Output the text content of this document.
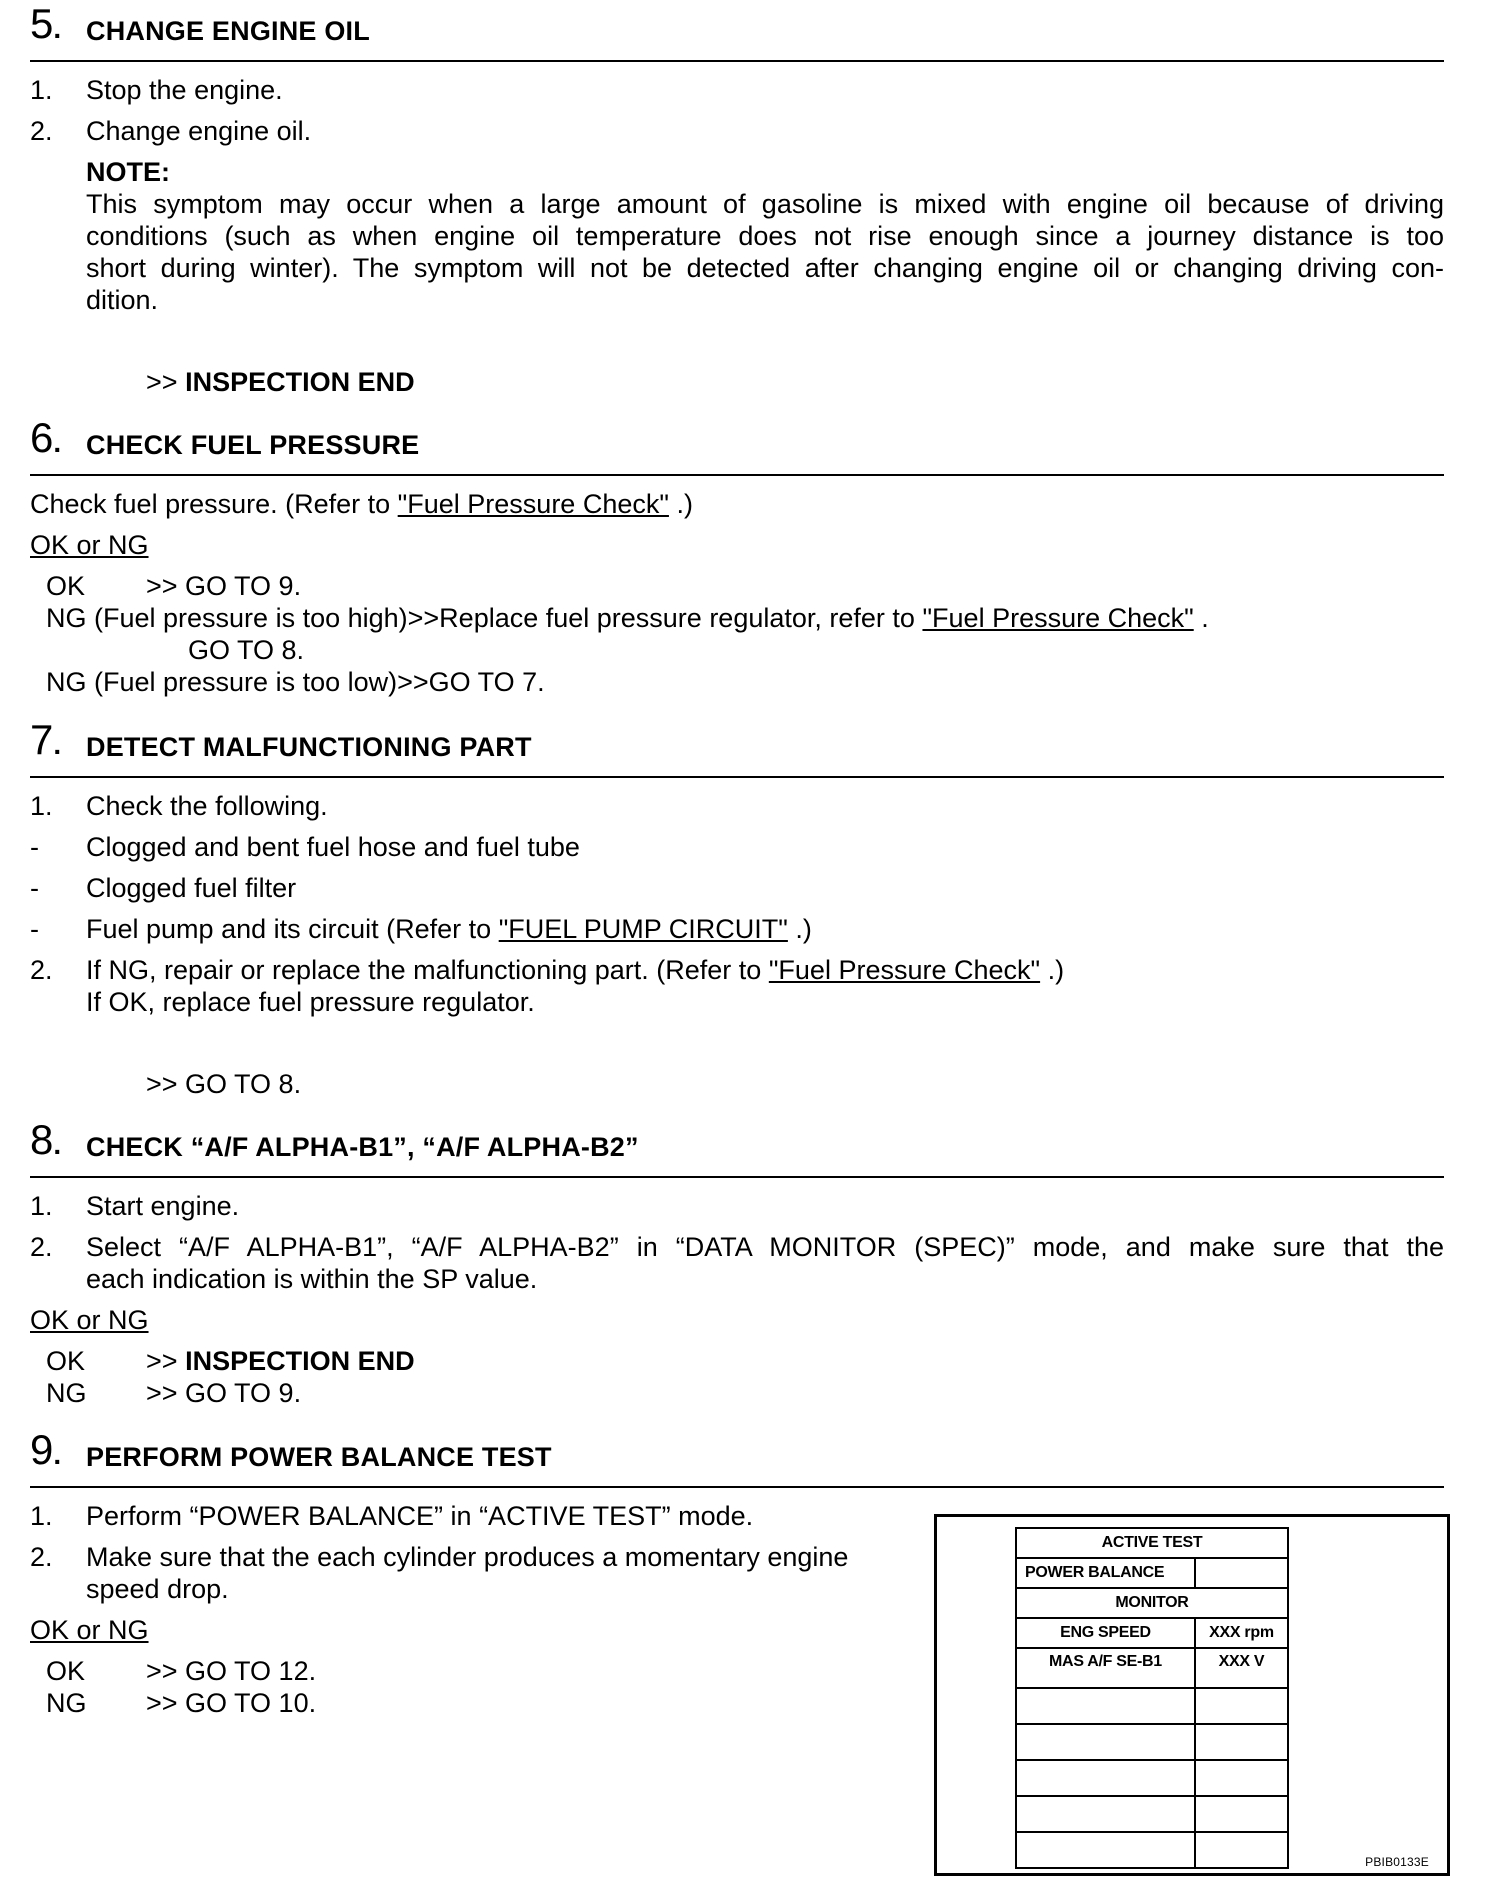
5. CHANGE ENGINE OIL
1. Stop the engine.
2. Change engine oil.
NOTE:
This symptom may occur when a large amount of gasoline is mixed with engine oil because of driving
conditions (such as when engine oil temperature does not rise enough since a journey distance is too
short during winter). The symptom will not be detected after changing engine oil or changing driving con-
dition.
>> INSPECTION END
6. CHECK FUEL PRESSURE
Check fuel pressure. (Refer to "Fuel Pressure Check" .)
OK or NG
OK >> GO TO 9.
NG (Fuel pressure is too high)>>Replace fuel pressure regulator, refer to "Fuel Pressure Check" .
GO TO 8.
NG (Fuel pressure is too low)>>GO TO 7.
7. DETECT MALFUNCTIONING PART
1. Check the following.
- Clogged and bent fuel hose and fuel tube
- Clogged fuel filter
- Fuel pump and its circuit (Refer to "FUEL PUMP CIRCUIT" .)
2. If NG, repair or replace the malfunctioning part. (Refer to "Fuel Pressure Check" .)
If OK, replace fuel pressure regulator.
>> GO TO 8.
8. CHECK “A/F ALPHA-B1”, “A/F ALPHA-B2”
1. Start engine.
2. Select “A/F ALPHA-B1”, “A/F ALPHA-B2” in “DATA MONITOR (SPEC)” mode, and make sure that the
each indication is within the SP value.
OK or NG
OK >> INSPECTION END
NG >> GO TO 9.
9. PERFORM POWER BALANCE TEST
1. Perform “POWER BALANCE” in “ACTIVE TEST” mode.
2. Make sure that the each cylinder produces a momentary engine
speed drop.
OK or NG
OK >> GO TO 12.
NG >> GO TO 10.
ACTIVE TEST	
POWER BALANCE	
MONITOR	
ENG SPEED	XXX rpm
MAS A/F SE-B1	XXX V

PBIB0133E
